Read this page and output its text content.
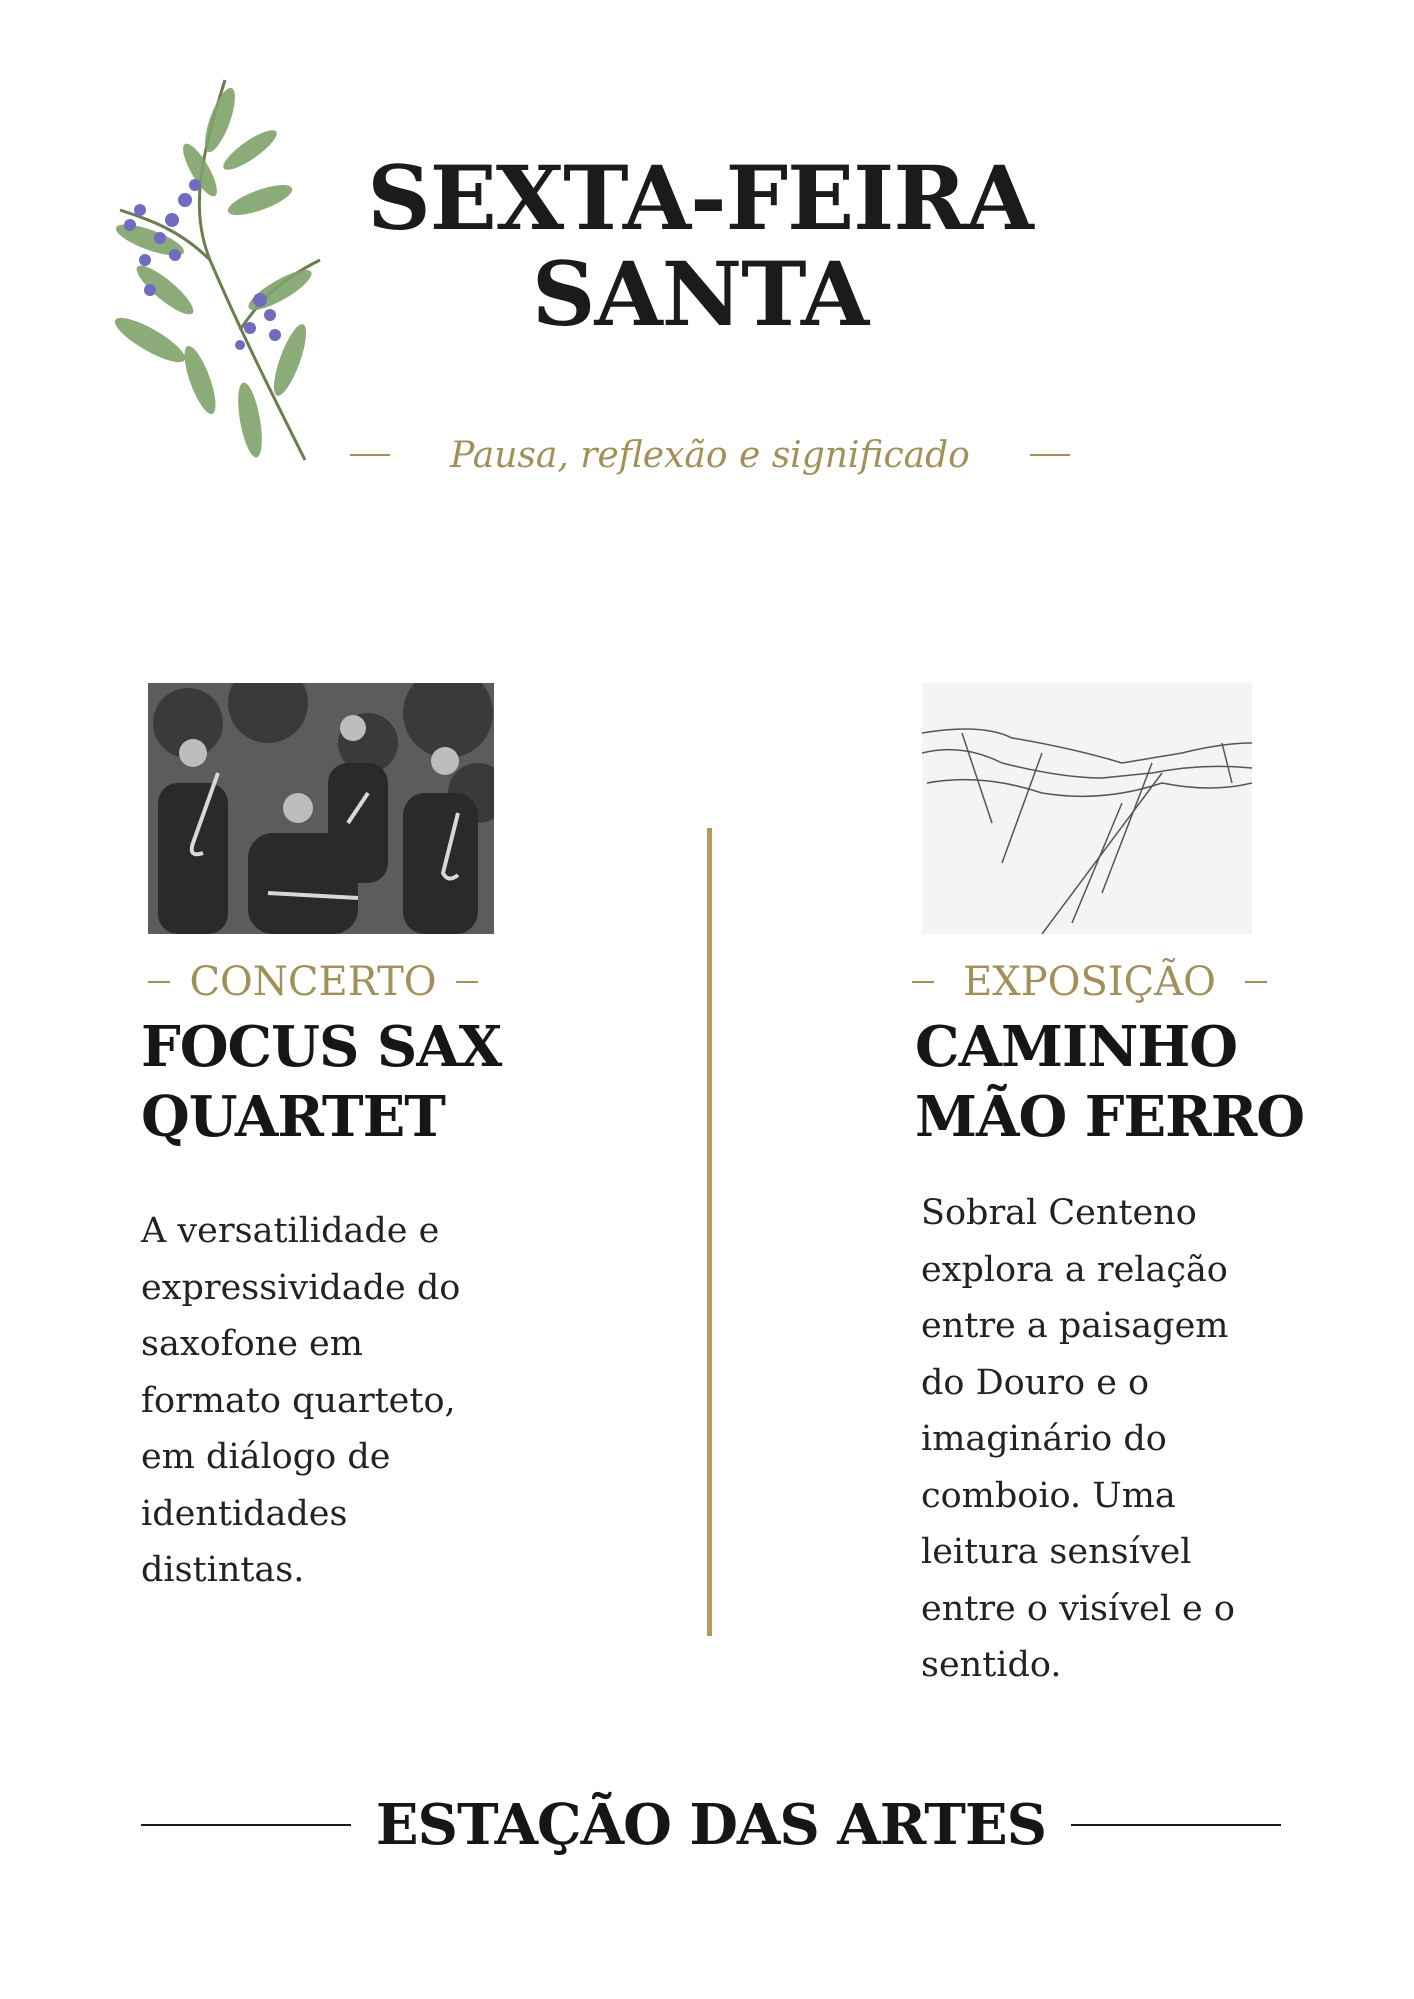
SEXTA-FEIRA
SANTA
Pausa, reflexão e significado
CONCERTO
FOCUS SAX
QUARTET
A versatilidade e
expressividade do
saxofone em
formato quarteto,
em diálogo de
identidades
distintas.
EXPOSIÇÃO
CAMINHO
MÃO FERRO
Sobral Centeno
explora a relação
entre a paisagem
do Douro e o
imaginário do
comboio. Uma
leitura sensível
entre o visível e o
sentido.
ESTAÇÃO DAS ARTES
